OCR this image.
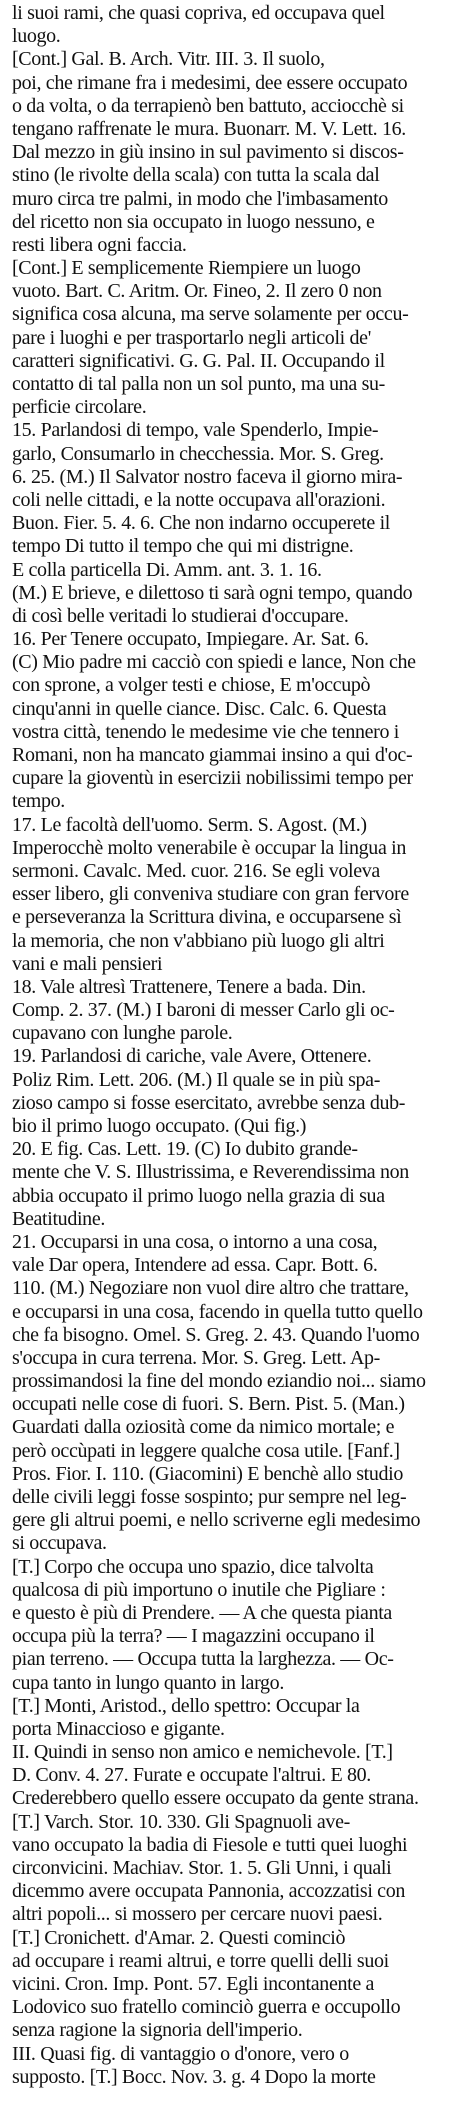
li suoi rami, che quasi copriva, ed occupava quel
luogo.
[Cont.] Gal. B. Arch. Vitr. III. 3. Il suolo,
poi, che rimane fra i medesimi, dee essere occupato
o da volta, o da terrapienò ben battuto, acciocchè si
tengano raffrenate le mura. Buonarr. M. V. Lett. 16.
Dal mezzo in giù insino in sul pavimento si discos-
stino (le rivolte della scala) con tutta la scala dal
muro circa tre palmi, in modo che l'imbasamento
del ricetto non sia occupato in luogo nessuno, e
resti libera ogni faccia.
[Cont.] E semplicemente Riempiere un luogo
vuoto. Bart. C. Aritm. Or. Fineo, 2. Il zero 0 non
significa cosa alcuna, ma serve solamente per occu-
pare i luoghi e per trasportarlo negli articoli de'
caratteri significativi. G. G. Pal. II. Occupando il
contatto di tal palla non un sol punto, ma una su-
perficie circolare.
15. Parlandosi di tempo, vale Spenderlo, Impie-
garlo, Consumarlo in checchessia. Mor. S. Greg.
6. 25. (M.) Il Salvator nostro faceva il giorno mira-
coli nelle cittadi, e la notte occupava all'orazioni.
Buon. Fier. 5. 4. 6. Che non indarno occuperete il
tempo Di tutto il tempo che qui mi distrigne.
E colla particella Di. Amm. ant. 3. 1. 16.
(M.) E brieve, e dilettoso ti sarà ogni tempo, quando
di così belle veritadi lo studierai d'occupare.
16. Per Tenere occupato, Impiegare. Ar. Sat. 6.
(C) Mio padre mi cacciò con spiedi e lance, Non che
con sprone, a volger testi e chiose, E m'occupò
cinqu'anni in quelle ciance. Disc. Calc. 6. Questa
vostra città, tenendo le medesime vie che tennero i
Romani, non ha mancato giammai insino a qui d'oc-
cupare la gioventù in esercizii nobilissimi tempo per
tempo.
17. Le facoltà dell'uomo. Serm. S. Agost. (M.)
Imperocchè molto venerabile è occupar la lingua in
sermoni. Cavalc. Med. cuor. 216. Se egli voleva
esser libero, gli conveniva studiare con gran fervore
e perseveranza la Scrittura divina, e occuparsene sì
la memoria, che non v'abbiano più luogo gli altri
vani e mali pensieri
18. Vale altresì Trattenere, Tenere a bada. Din.
Comp. 2. 37. (M.) I baroni di messer Carlo gli oc-
cupavano con lunghe parole.
19. Parlandosi di cariche, vale Avere, Ottenere.
Poliz Rim. Lett. 206. (M.) Il quale se in più spa-
zioso campo si fosse esercitato, avrebbe senza dub-
bio il primo luogo occupato. (Qui fig.)
20. E fig. Cas. Lett. 19. (C) Io dubito grande-
mente che V. S. Illustrissima, e Reverendissima non
abbia occupato il primo luogo nella grazia di sua
Beatitudine.
21. Occuparsi in una cosa, o intorno a una cosa,
vale Dar opera, Intendere ad essa. Capr. Bott. 6.
110. (M.) Negoziare non vuol dire altro che trattare,
e occuparsi in una cosa, facendo in quella tutto quello
che fa bisogno. Omel. S. Greg. 2. 43. Quando l'uomo
s'occupa in cura terrena. Mor. S. Greg. Lett. Ap-
prossimandosi la fine del mondo eziandio noi... siamo
occupati nelle cose di fuori. S. Bern. Pist. 5. (Man.)
Guardati dalla oziosità come da nimico mortale; e
però occùpati in leggere qualche cosa utile. [Fanf.]
Pros. Fior. I. 110. (Giacomini) E benchè allo studio
delle civili leggi fosse sospinto; pur sempre nel leg-
gere gli altrui poemi, e nello scriverne egli medesimo
si occupava.
[T.] Corpo che occupa uno spazio, dice talvolta
qualcosa di più importuno o inutile che Pigliare :
e questo è più di Prendere. — A che questa pianta
occupa più la terra? — I magazzini occupano il
pian terreno. — Occupa tutta la larghezza. — Oc-
cupa tanto in lungo quanto in largo.
[T.] Monti, Aristod., dello spettro: Occupar la
porta Minaccioso e gigante.
II. Quindi in senso non amico e nemichevole. [T.]
D. Conv. 4. 27. Furate e occupate l'altrui. E 80.
Crederebbero quello essere occupato da gente strana.
[T.] Varch. Stor. 10. 330. Gli Spagnuoli ave-
vano occupato la badia di Fiesole e tutti quei luoghi
circonvicini. Machiav. Stor. 1. 5. Gli Unni, i quali
dicemmo avere occupata Pannonia, accozzatisi con
altri popoli... si mossero per cercare nuovi paesi.
[T.] Cronichett. d'Amar. 2. Questi cominciò
ad occupare i reami altrui, e torre quelli delli suoi
vicini. Cron. Imp. Pont. 57. Egli incontanente a
Lodovico suo fratello cominciò guerra e occupollo
senza ragione la signoria dell'imperio.
III. Quasi fig. di vantaggio o d'onore, vero o
supposto. [T.] Bocc. Nov. 3. g. 4 Dopo la morte
